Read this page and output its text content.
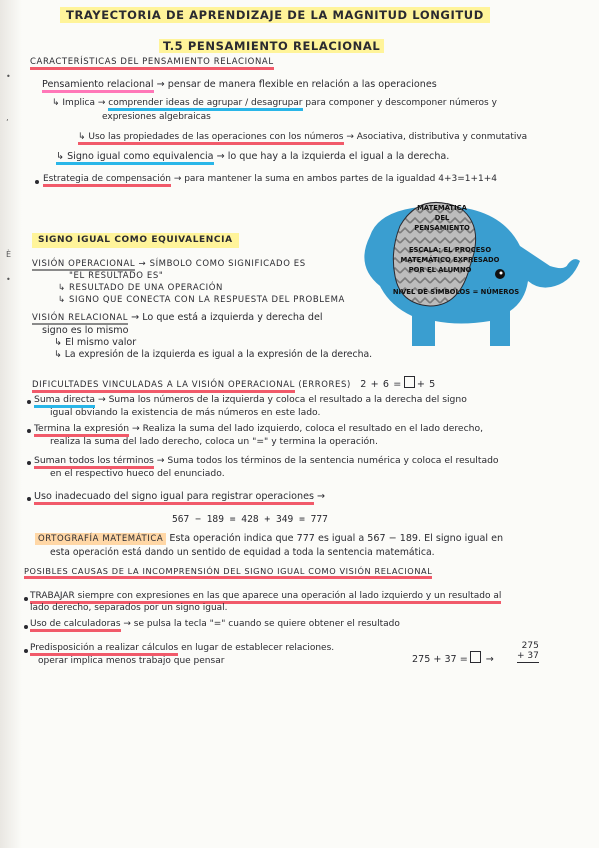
•
ʼ
È
•
TRAYECTORIA DE APRENDIZAJE DE LA MAGNITUD LONGITUD
T.5 PENSAMIENTO RELACIONAL
CARACTERÍSTICAS DEL PENSAMIENTO RELACIONAL
Pensamiento relacional → pensar de manera flexible en relación a las operaciones
↳ Implica → comprender ideas de agrupar / desagrupar para componer y descomponer números y
expresiones algebraicas
↳ Uso las propiedades de las operaciones con los números → Asociativa, distributiva y conmutativa
↳ Signo igual como equivalencia → lo que hay a la izquierda el igual a la derecha.
Estrategia de compensación → para mantener la suma en ambos partes de la igualdad 4+3=1+1+4
SIGNO IGUAL COMO EQUIVALENCIA
VISIÓN OPERACIONAL → SÍMBOLO COMO SIGNIFICADO ES
"EL RESULTADO ES"
↳ RESULTADO DE UNA OPERACIÓN
↳ SIGNO QUE CONECTA CON LA RESPUESTA DEL PROBLEMA
VISIÓN RELACIONAL → Lo que está a izquierda y derecha del
signo es lo mismo
↳ El mismo valor
↳ La expresión de la izquierda es igual a la expresión de la derecha.
MATEMÁTICA
DEL
PENSAMIENTO
ESCALA: EL PROCESO
MATEMÁTICO EXPRESADO
POR EL ALUMNO
NIVEL DE SÍMBOLOS = NÚMEROS
DIFICULTADES VINCULADAS A LA VISIÓN OPERACIONAL (ERRORES) 2 + 6 = + 5
Suma directa → Suma los números de la izquierda y coloca el resultado a la derecha del signo
igual obviando la existencia de más números en este lado.
Termina la expresión → Realiza la suma del lado izquierdo, coloca el resultado en el lado derecho,
realiza la suma del lado derecho, coloca un "=" y termina la operación.
Suman todos los términos → Suma todos los términos de la sentencia numérica y coloca el resultado
en el respectivo hueco del enunciado.
Uso inadecuado del signo igual para registrar operaciones →
567 − 189 = 428 + 349 = 777
ORTOGRAFÍA MATEMÁTICA Esta operación indica que 777 es igual a 567 − 189. El signo igual en
esta operación está dando un sentido de equidad a toda la sentencia matemática.
POSIBLES CAUSAS DE LA INCOMPRENSIÓN DEL SIGNO IGUAL COMO VISIÓN RELACIONAL
TRABAJAR siempre con expresiones en las que aparece una operación al lado izquierdo y un resultado al
lado derecho, separados por un signo igual.
Uso de calculadoras → se pulsa la tecla "=" cuando se quiere obtener el resultado
Predisposición a realizar cálculos en lugar de establecer relaciones.
operar implica menos trabajo que pensar	275 + 37 = →
275
+ 37
